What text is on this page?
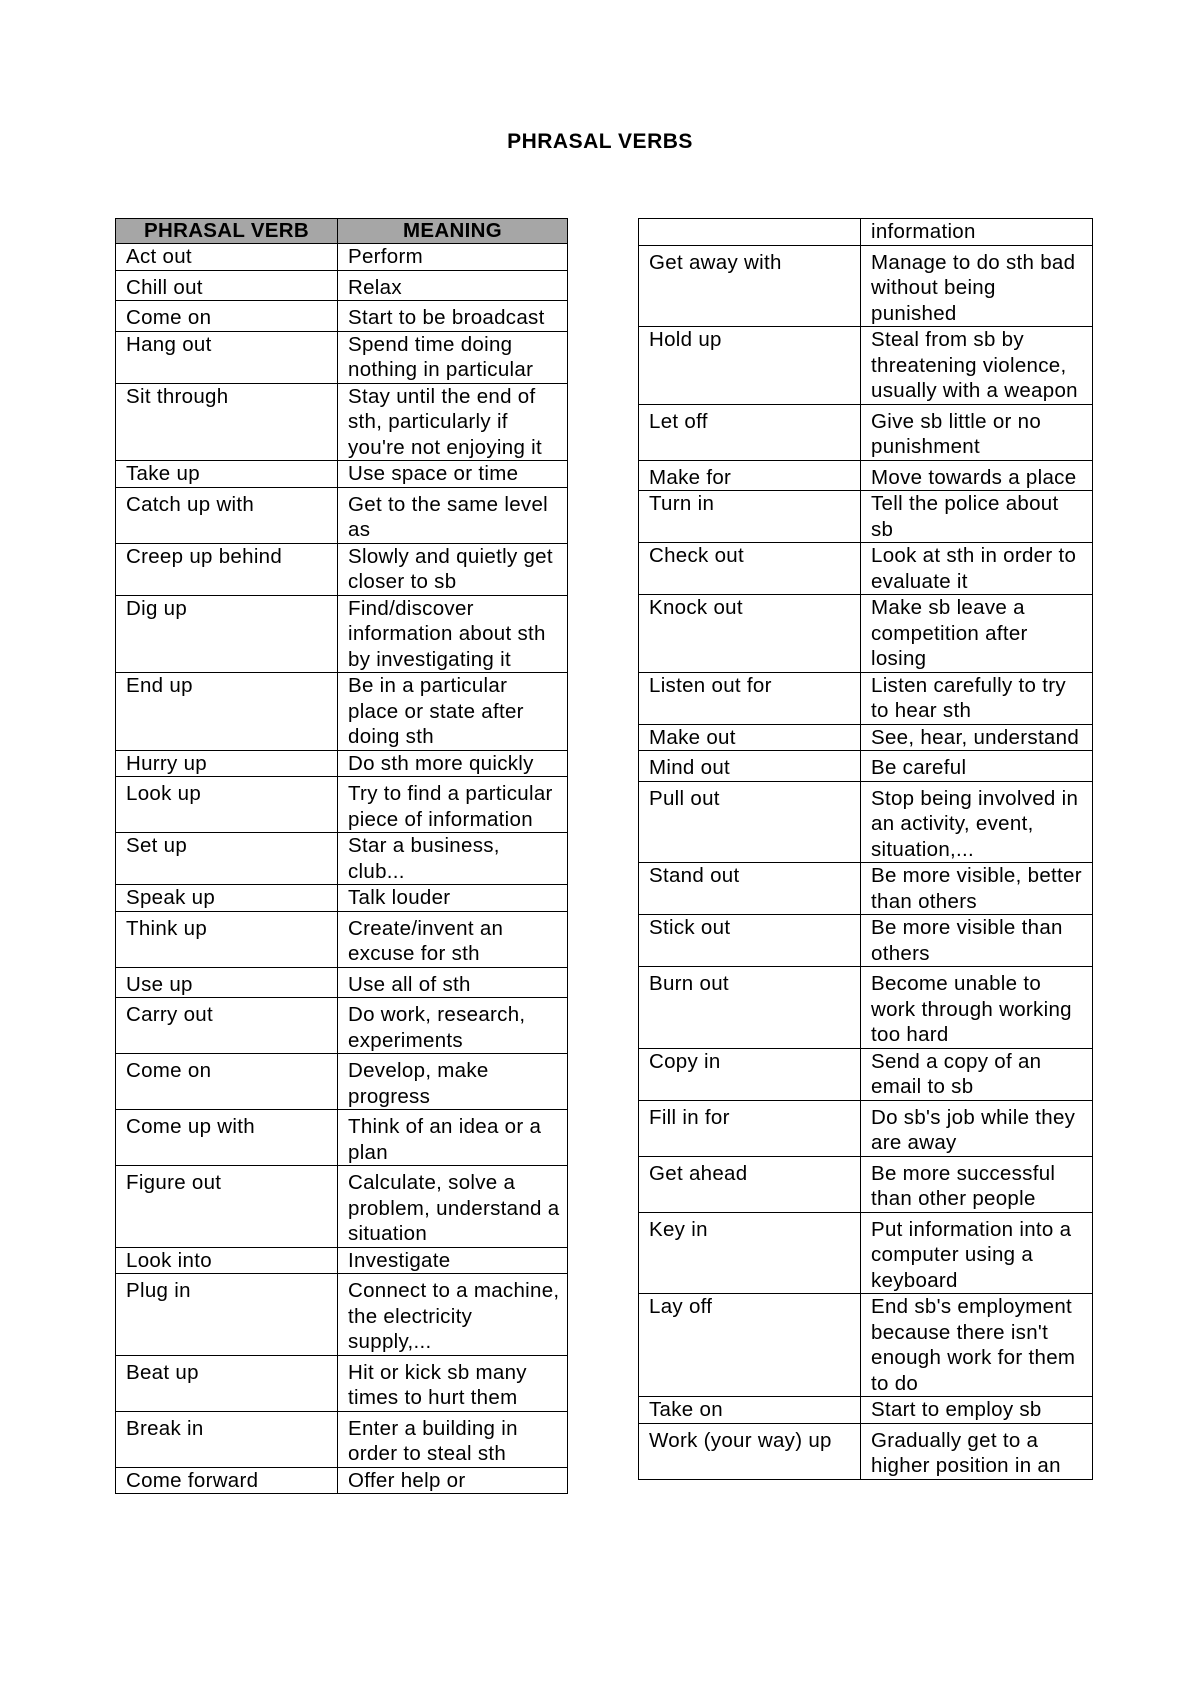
PHRASAL VERBS
PHRASAL VERB	MEANING
Act out	Perform
Chill out	Relax
Come on	Start to be broadcast
Hang out	Spend time doing nothing in particular
Sit through	Stay until the end of sth, particularly if you're not enjoying it
Take up	Use space or time
Catch up with	Get to the same level as
Creep up behind	Slowly and quietly get closer to sb
Dig up	Find/discover information about sth by investigating it
End up	Be in a particular place or state after doing sth
Hurry up	Do sth more quickly
Look up	Try to find a particular piece of information
Set up	Star a business, club...
Speak up	Talk louder
Think up	Create/invent an excuse for sth
Use up	Use all of sth
Carry out	Do work, research, experiments
Come on	Develop, make progress
Come up with	Think of an idea or a plan
Figure out	Calculate, solve a problem, understand a situation
Look into	Investigate
Plug in	Connect to a machine, the electricity supply,...
Beat up	Hit or kick sb many times to hurt them
Break in	Enter a building in order to steal sth
Come forward	Offer help or
	information
Get away with	Manage to do sth bad without being punished
Hold up	Steal from sb by threatening violence, usually with a weapon
Let off	Give sb little or no punishment
Make for	Move towards a place
Turn in	Tell the police about sb
Check out	Look at sth in order to evaluate it
Knock out	Make sb leave a competition after losing
Listen out for	Listen carefully to try to hear sth
Make out	See, hear, understand
Mind out	Be careful
Pull out	Stop being involved in an activity, event, situation,...
Stand out	Be more visible, better than others
Stick out	Be more visible than others
Burn out	Become unable to work through working too hard
Copy in	Send a copy of an email to sb
Fill in for	Do sb's job while they are away
Get ahead	Be more successful than other people
Key in	Put information into a computer using a keyboard
Lay off	End sb's employment because there isn't enough work for them to do
Take on	Start to employ sb
Work (your way) up	Gradually get to a higher position in an
